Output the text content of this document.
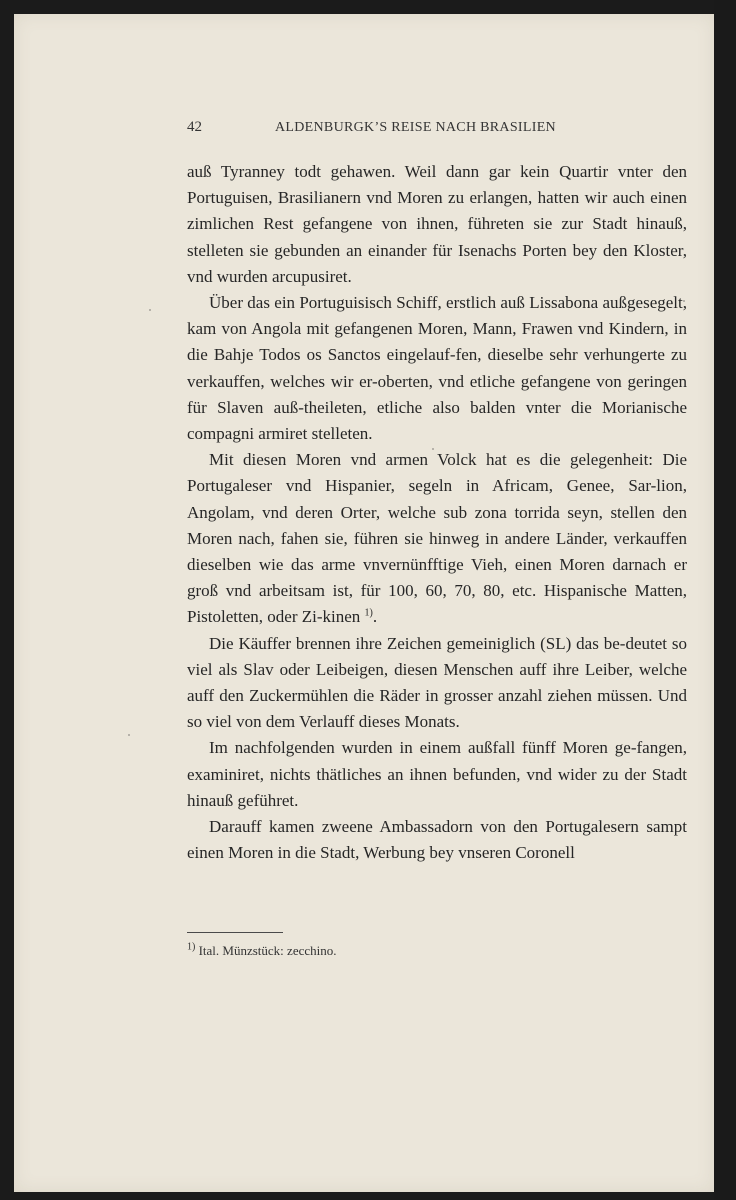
42	ALDENBURGK’S REISE NACH BRASILIEN

auß Tyranney todt gehawen. Weil dann gar kein Quartir vnter den Portuguisen, Brasilianern vnd Moren zu erlangen, hatten wir auch einen zimlichen Rest gefangene von ihnen, führeten sie zur Stadt hinauß, stelleten sie gebunden an einander für Isenachs Porten bey den Kloster, vnd wurden arcupusiret.

Über das ein Portuguisisch Schiff, erstlich auß Lissabona außgesegelt, kam von Angola mit gefangenen Moren, Mann, Frawen vnd Kindern, in die Bahje Todos os Sanctos eingelauf-fen, dieselbe sehr verhungerte zu verkauffen, welches wir er-oberten, vnd etliche gefangene von geringen für Slaven auß-theileten, etliche also balden vnter die Morianische compagni armiret stelleten.

Mit diesen Moren vnd armen Volck hat es die gelegenheit: Die Portugaleser vnd Hispanier, segeln in Africam, Genee, Sar-lion, Angolam, vnd deren Orter, welche sub zona torrida seyn, stellen den Moren nach, fahen sie, führen sie hinweg in andere Länder, verkauffen dieselben wie das arme vnvernünfftige Vieh, einen Moren darnach er groß vnd arbeitsam ist, für 100, 60, 70, 80, etc. Hispanische Matten, Pistoletten, oder Zi-kinen $^{1)}$.

Die Käuffer brennen ihre Zeichen gemeiniglich (SL) das be-deutet so viel als Slav oder Leibeigen, diesen Menschen auff ihre Leiber, welche auff den Zuckermühlen die Räder in grosser anzahl ziehen müssen. Und so viel von dem Verlauff dieses Monats.

Im nachfolgenden wurden in einem außfall fünff Moren ge-fangen, examiniret, nichts thätliches an ihnen befunden, vnd wider zu der Stadt hinauß geführet.

Darauff kamen zweene Ambassadorn von den Portugalesern sampt einen Moren in die Stadt, Werbung bey vnseren Coronell

$^{1)}$ Ital. Münzstück: zecchino.
